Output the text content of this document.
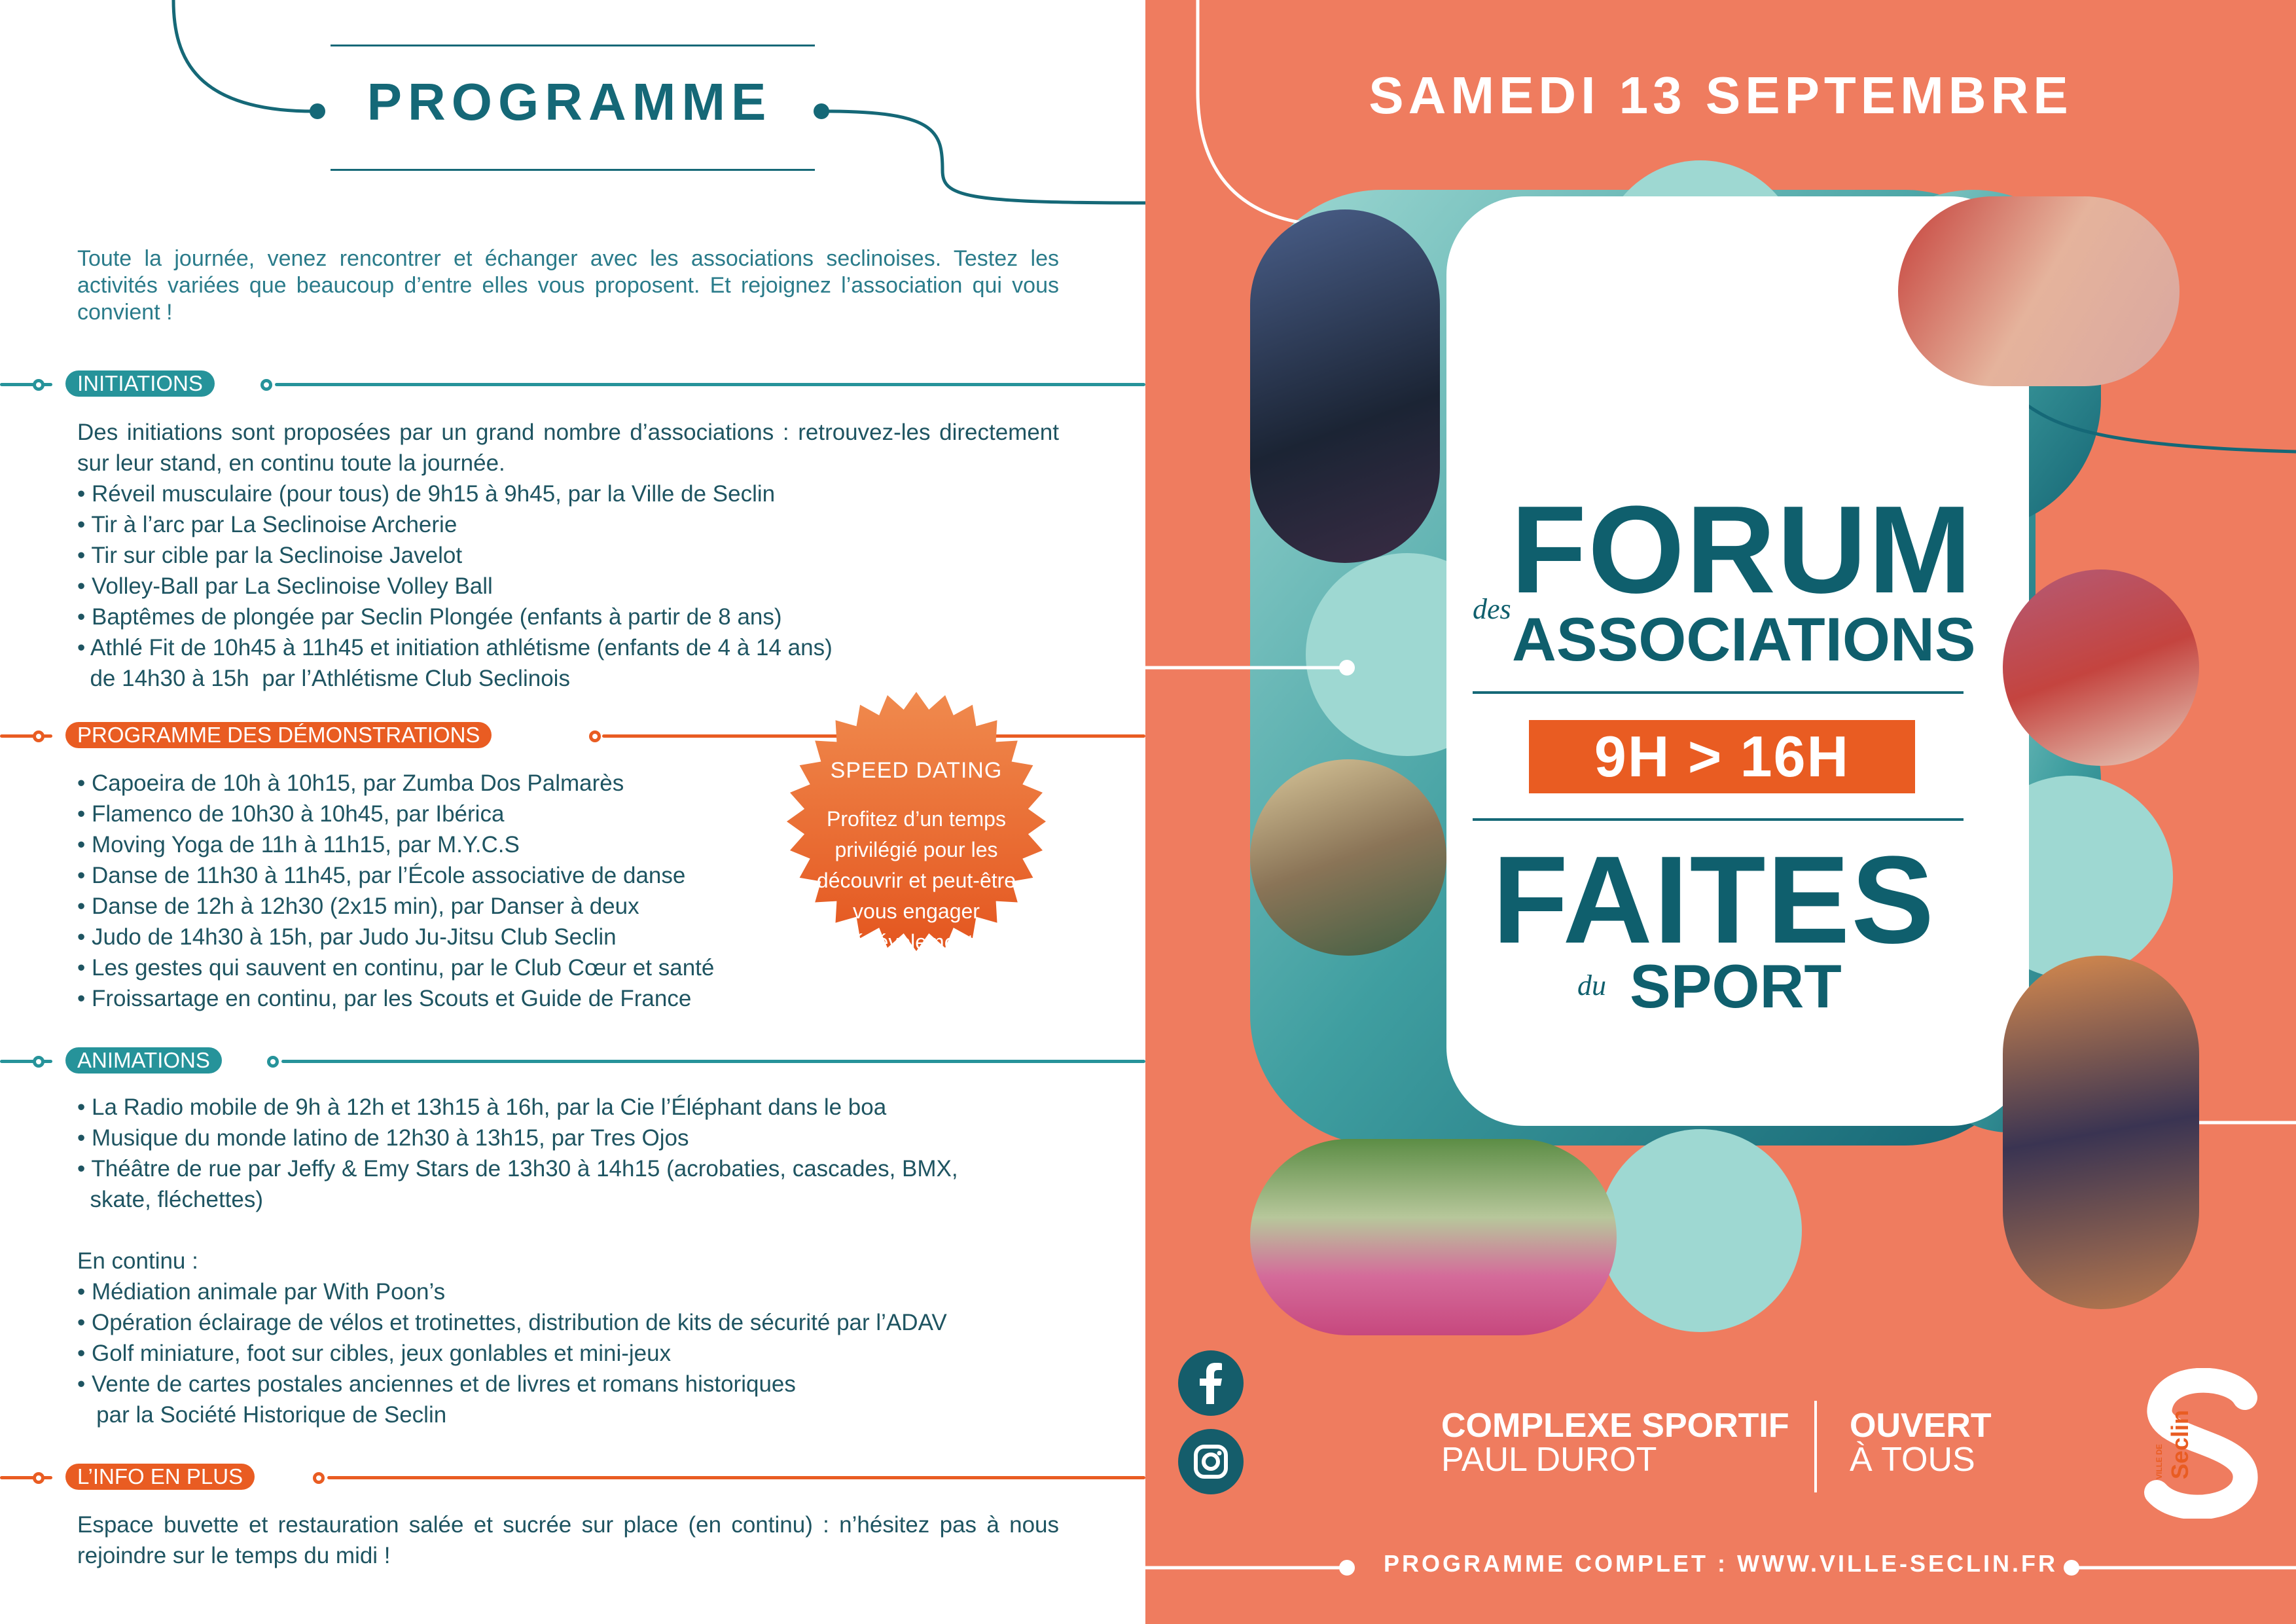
PROGRAMME
Toute la journée, venez rencontrer et échanger avec les associations seclinoises. Testez les activités variées que beaucoup d’entre elles vous proposent. Et rejoignez l’association qui vous convient !
INITIATIONS
Des initiations sont proposées par un grand nombre d’associations : retrouvez-les directement sur leur stand, en continu toute la journée.
• Réveil musculaire (pour tous) de 9h15 à 9h45, par la Ville de Seclin
• Tir à l’arc par La Seclinoise Archerie
• Tir sur cible par la Seclinoise Javelot
• Volley-Ball par La Seclinoise Volley Ball
• Baptêmes de plongée par Seclin Plongée (enfants à partir de 8 ans)
• Athlé Fit de 10h45 à 11h45 et initiation athlétisme (enfants de 4 à 14 ans)
de 14h30 à 15h  par l’Athlétisme Club Seclinois
PROGRAMME DES DÉMONSTRATIONS
• Capoeira de 10h à 10h15, par Zumba Dos Palmarès
• Flamenco de 10h30 à 10h45, par Ibérica
• Moving Yoga de 11h à 11h15, par M.Y.C.S
• Danse de 11h30 à 11h45, par l’École associative de danse
• Danse de 12h à 12h30 (2x15 min), par Danser à deux
• Judo de 14h30 à 15h, par Judo Ju-Jitsu Club Seclin
• Les gestes qui sauvent en continu, par le Club Cœur et santé
• Froissartage en continu, par les Scouts et Guide de France
SPEED DATING
Profitez d’un temps privilégié pour les découvrir et peut-être vous engager bénévolement ?
ANIMATIONS
• La Radio mobile de 9h à 12h et 13h15 à 16h, par la Cie l’Éléphant dans le boa
• Musique du monde latino de 12h30 à 13h15, par Tres Ojos
• Théâtre de rue par Jeffy & Emy Stars de 13h30 à 14h15 (acrobaties, cascades, BMX,
skate, fléchettes)
En continu :
• Médiation animale par With Poon’s
• Opération éclairage de vélos et trotinettes, distribution de kits de sécurité par l’ADAV
• Golf miniature, foot sur cibles, jeux gonlables et mini-jeux
• Vente de cartes postales anciennes et de livres et romans historiques
par la Société Historique de Seclin
L’INFO EN PLUS
Espace buvette et restauration salée et sucrée sur place (en continu) : n’hésitez pas à nous rejoindre sur le temps du midi !
SAMEDI 13 SEPTEMBRE
FORUM
des ASSOCIATIONS
9H > 16H
FAITES
du SPORT
COMPLEXE SPORTIF
PAUL DUROT
OUVERT
À TOUS	Seclin
VILLE DE
PROGRAMME COMPLET : WWW.VILLE-SECLIN.FR
